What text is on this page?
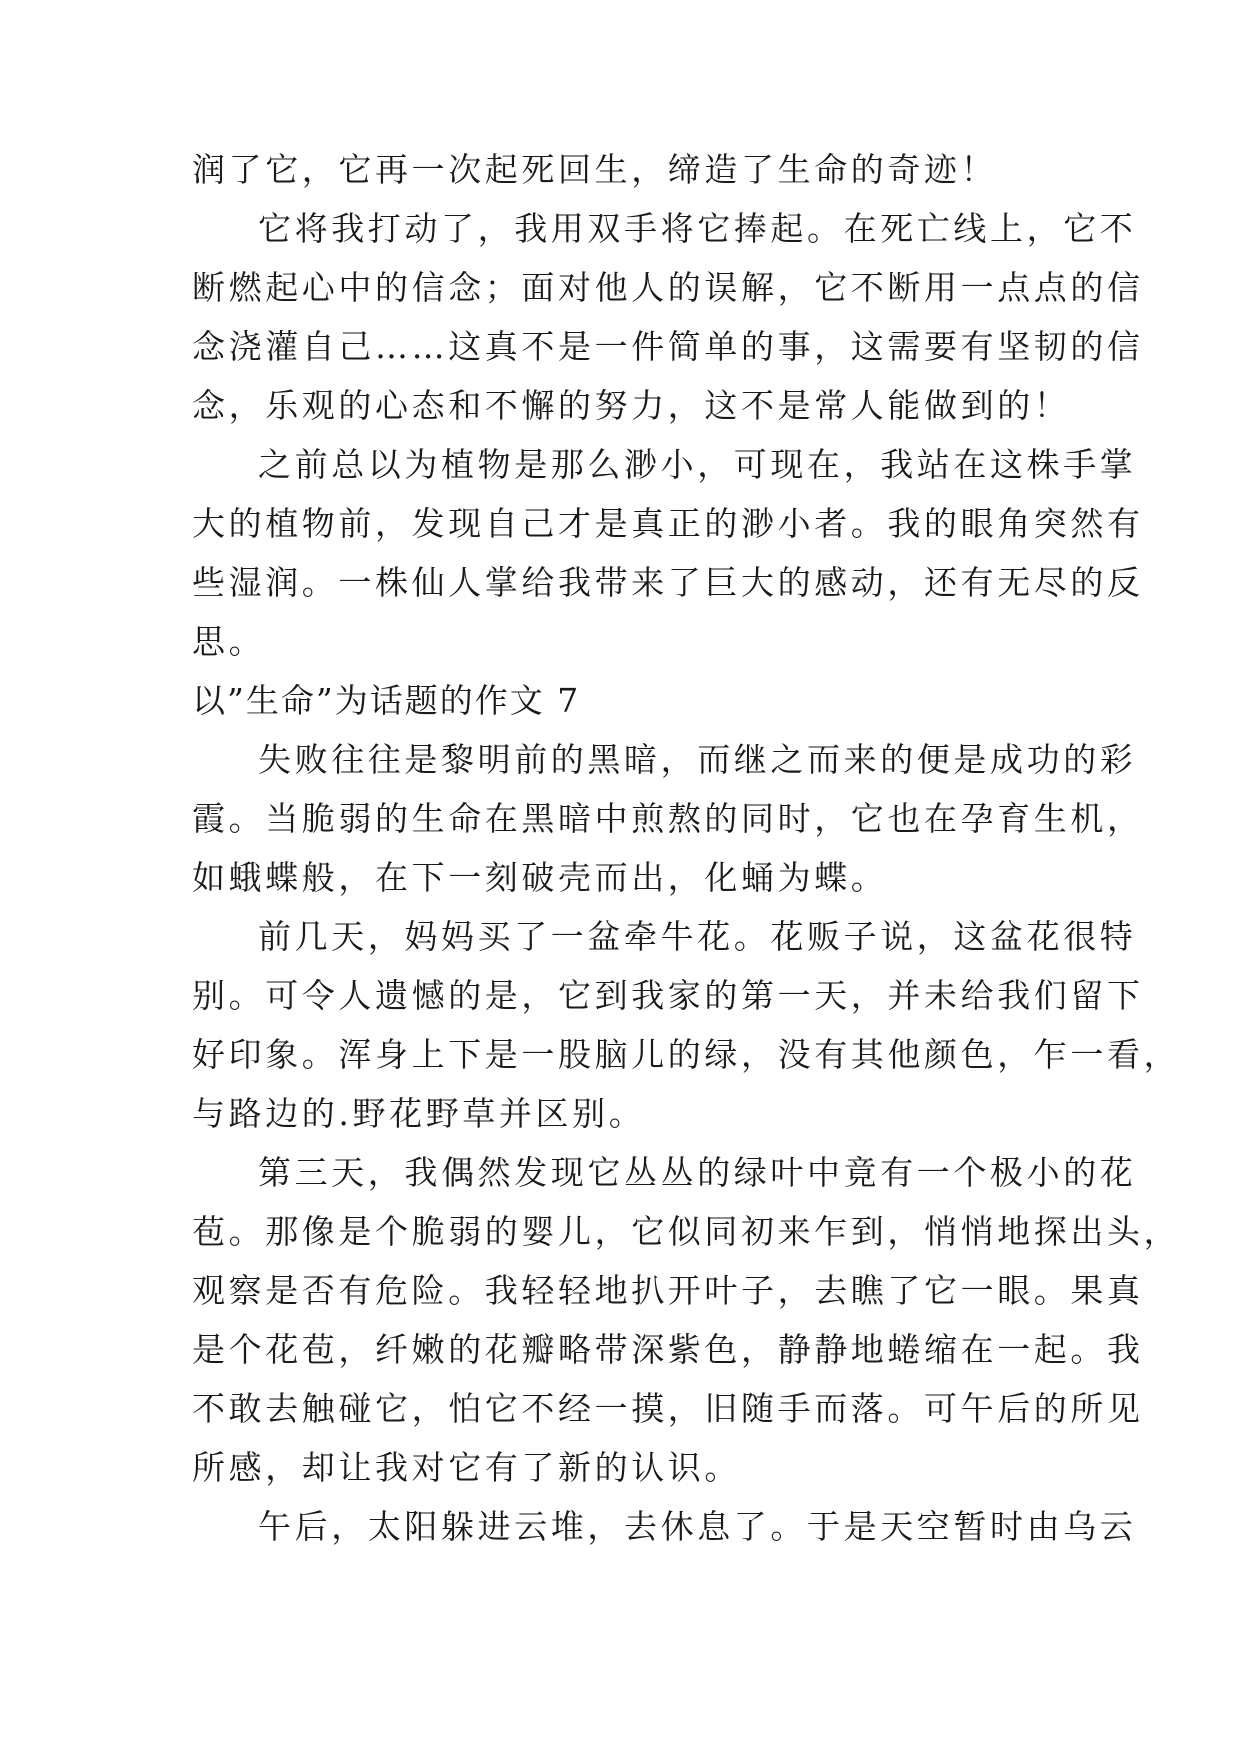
润了它，它再一次起死回生，缔造了生命的奇迹！
它将我打动了，我用双手将它捧起。在死亡线上，它不
断燃起心中的信念；面对他人的误解，它不断用一点点的信
念浇灌自己……这真不是一件简单的事，这需要有坚韧的信
念，乐观的心态和不懈的努力，这不是常人能做到的！
之前总以为植物是那么渺小，可现在，我站在这株手掌
大的植物前，发现自己才是真正的渺小者。我的眼角突然有
些湿润。一株仙人掌给我带来了巨大的感动，还有无尽的反
思。
以”生命”为话题的作文 7
失败往往是黎明前的黑暗，而继之而来的便是成功的彩
霞。当脆弱的生命在黑暗中煎熬的同时，它也在孕育生机，
如蛾蝶般，在下一刻破壳而出，化蛹为蝶。
前几天，妈妈买了一盆牵牛花。花贩子说，这盆花很特
别。可令人遗憾的是，它到我家的第一天，并未给我们留下
好印象。浑身上下是一股脑儿的绿，没有其他颜色，乍一看，
与路边的.野花野草并区别。
第三天，我偶然发现它丛丛的绿叶中竟有一个极小的花
苞。那像是个脆弱的婴儿，它似同初来乍到，悄悄地探出头，
观察是否有危险。我轻轻地扒开叶子，去瞧了它一眼。果真
是个花苞，纤嫩的花瓣略带深紫色，静静地蜷缩在一起。我
不敢去触碰它，怕它不经一摸，旧随手而落。可午后的所见
所感，却让我对它有了新的认识。
午后，太阳躲进云堆，去休息了。于是天空暂时由乌云
